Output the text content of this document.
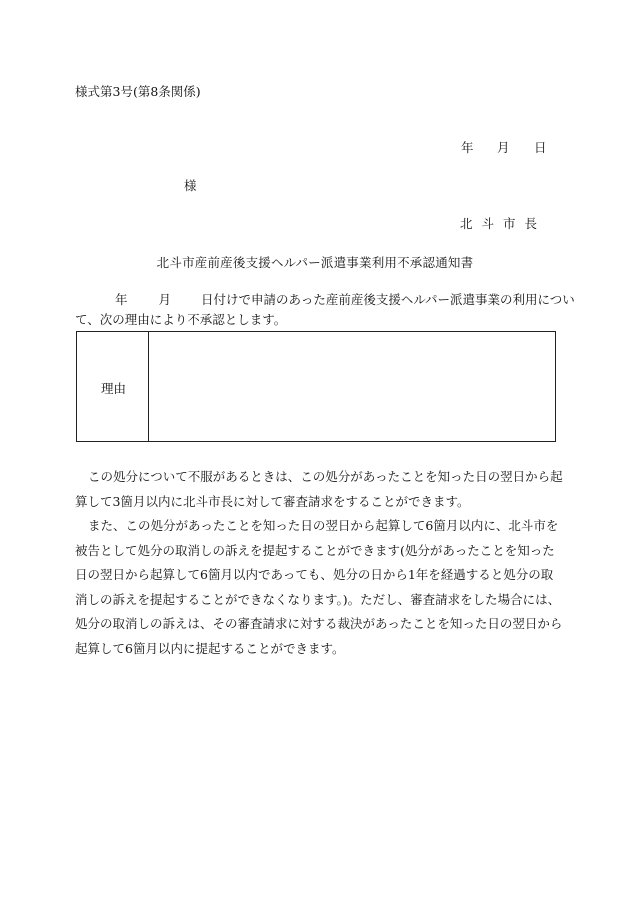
様式第3号(第8条関係)
年 月 日
様
北斗市長
北斗市産前産後支援ヘルパー派遣事業利用不承認通知書
年 月 日付けで申請のあった産前産後支援ヘルパー派遣事業の利用につい
て、次の理由により不承認とします。
理由
この処分について不服があるときは、この処分があったことを知った日の翌日から起算して3箇月以内に北斗市長に対して審査請求をすることができます。
また、この処分があったことを知った日の翌日から起算して6箇月以内に、北斗市を被告として処分の取消しの訴えを提起することができます(処分があったことを知った日の翌日から起算して6箇月以内であっても、処分の日から1年を経過すると処分の取消しの訴えを提起することができなくなります。)。ただし、審査請求をした場合には、処分の取消しの訴えは、その審査請求に対する裁決があったことを知った日の翌日から起算して6箇月以内に提起することができます。
